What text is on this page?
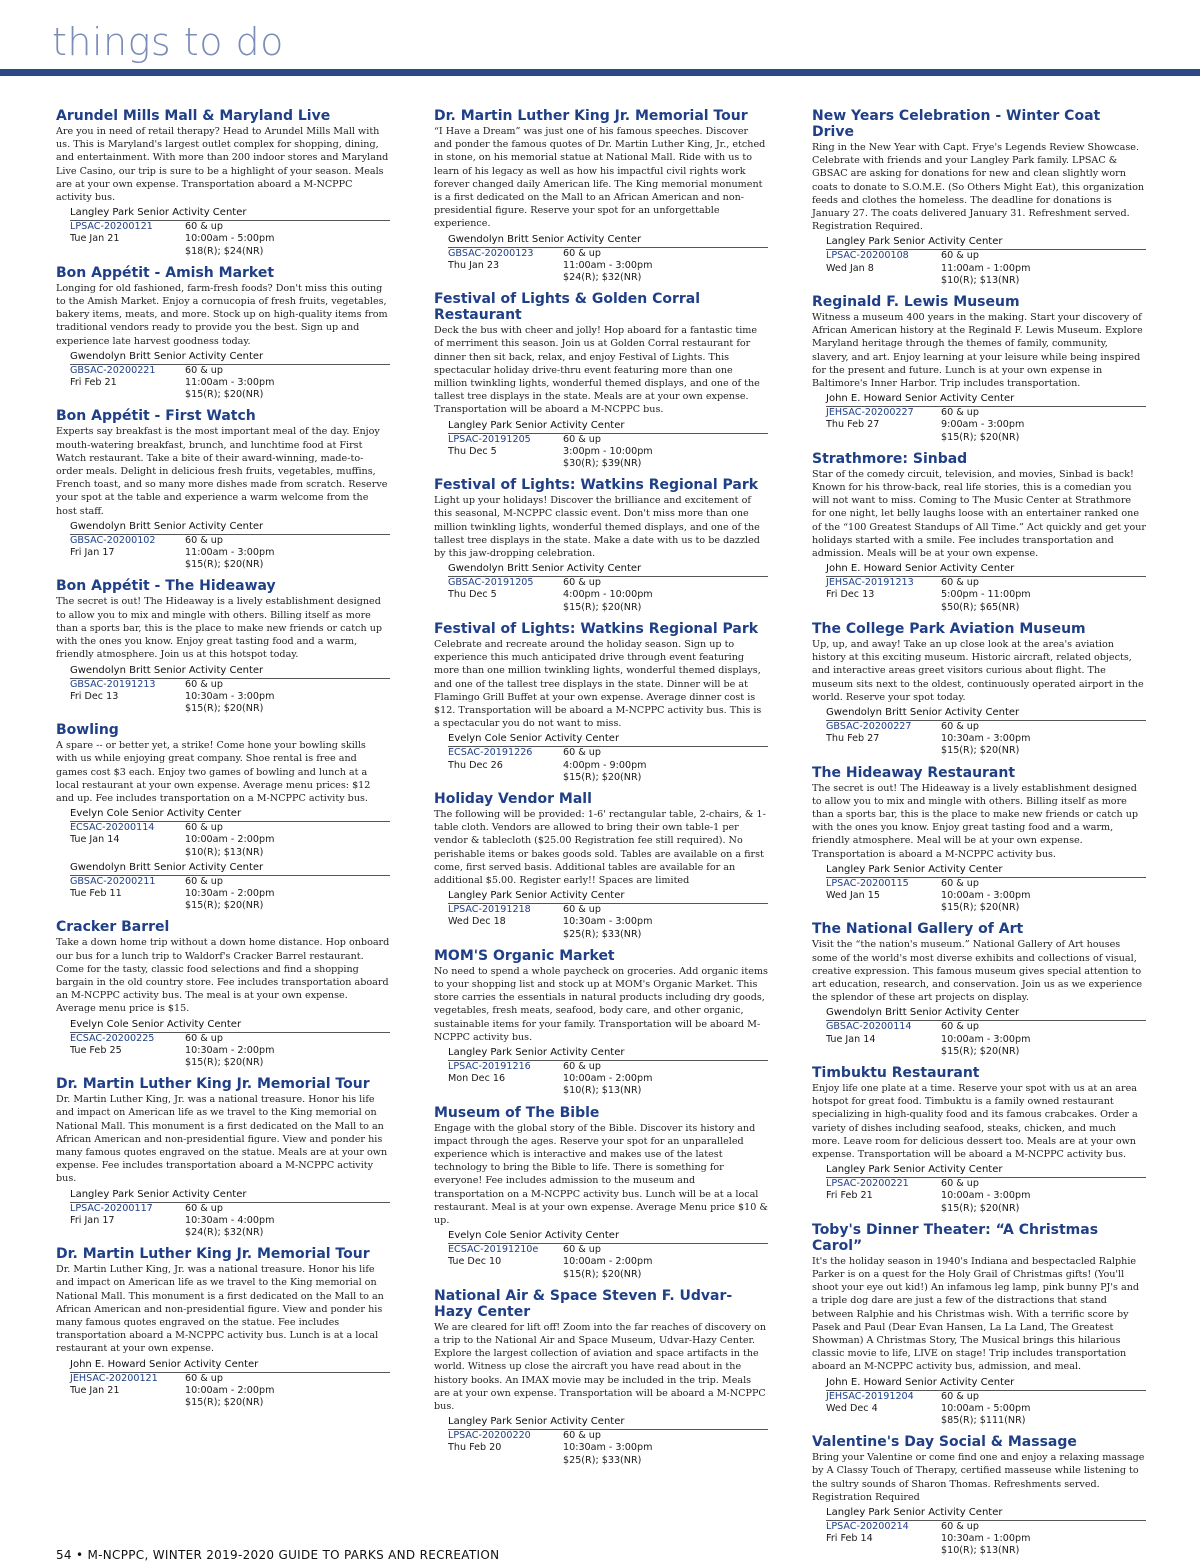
things to do
Arundel Mills Mall & Maryland Live

Are you in need of retail therapy? Head to Arundel Mills Mall with us. This is Maryland's largest outlet complex for shopping, dining, and entertainment. With more than 200 indoor stores and Maryland Live Casino, our trip is sure to be a highlight of your season. Meals are at your own expense. Transportation aboard a M-NCPPC activity bus.

Langley Park Senior Activity Center
LPSAC-20200121	60 & up
Tue Jan 21	10:00am - 5:00pm
$18(R); $24(NR)
Bon Appétit - Amish Market

Longing for old fashioned, farm-fresh foods? Don't miss this outing to the Amish Market. Enjoy a cornucopia of fresh fruits, vegetables, bakery items, meats, and more. Stock up on high-quality items from traditional vendors ready to provide you the best. Sign up and experience late harvest goodness today.

Gwendolyn Britt Senior Activity Center
GBSAC-20200221	60 & up
Fri Feb 21	11:00am - 3:00pm
$15(R); $20(NR)
Bon Appétit - First Watch

Experts say breakfast is the most important meal of the day. Enjoy mouth-watering breakfast, brunch, and lunchtime food at First Watch restaurant. Take a bite of their award-winning, made-to-order meals. Delight in delicious fresh fruits, vegetables, muffins, French toast, and so many more dishes made from scratch. Reserve your spot at the table and experience a warm welcome from the host staff.

Gwendolyn Britt Senior Activity Center
GBSAC-20200102	60 & up
Fri Jan 17	11:00am - 3:00pm
$15(R); $20(NR)
Bon Appétit - The Hideaway

The secret is out! The Hideaway is a lively establishment designed to allow you to mix and mingle with others. Billing itself as more than a sports bar, this is the place to make new friends or catch up with the ones you know. Enjoy great tasting food and a warm, friendly atmosphere. Join us at this hotspot today.

Gwendolyn Britt Senior Activity Center
GBSAC-20191213	60 & up
Fri Dec 13	10:30am - 3:00pm
$15(R); $20(NR)
Bowling

A spare -- or better yet, a strike! Come hone your bowling skills with us while enjoying great company. Shoe rental is free and games cost $3 each. Enjoy two games of bowling and lunch at a local restaurant at your own expense. Average menu prices: $12 and up. Fee includes transportation on a M-NCPPC activity bus.

Evelyn Cole Senior Activity Center
ECSAC-20200114	60 & up
Tue Jan 14	10:00am - 2:00pm
$10(R); $13(NR)
Gwendolyn Britt Senior Activity Center
GBSAC-20200211	60 & up
Tue Feb 11	10:30am - 2:00pm
$15(R); $20(NR)
Cracker Barrel

Take a down home trip without a down home distance. Hop onboard our bus for a lunch trip to Waldorf's Cracker Barrel restaurant. Come for the tasty, classic food selections and find a shopping bargain in the old country store. Fee includes transportation aboard an M-NCPPC activity bus. The meal is at your own expense. Average menu price is $15.

Evelyn Cole Senior Activity Center
ECSAC-20200225	60 & up
Tue Feb 25	10:30am - 2:00pm
$15(R); $20(NR)
Dr. Martin Luther King Jr. Memorial Tour

Dr. Martin Luther King, Jr. was a national treasure. Honor his life and impact on American life as we travel to the King memorial on National Mall. This monument is a first dedicated on the Mall to an African American and non-presidential figure. View and ponder his many famous quotes engraved on the statue. Meals are at your own expense. Fee includes transportation aboard a M-NCPPC activity bus.

Langley Park Senior Activity Center
LPSAC-20200117	60 & up
Fri Jan 17	10:30am - 4:00pm
$24(R); $32(NR)
Dr. Martin Luther King Jr. Memorial Tour

Dr. Martin Luther King, Jr. was a national treasure. Honor his life and impact on American life as we travel to the King memorial on National Mall. This monument is a first dedicated on the Mall to an African American and non-presidential figure. View and ponder his many famous quotes engraved on the statue. Fee includes transportation aboard a M-NCPPC activity bus. Lunch is at a local restaurant at your own expense.

John E. Howard Senior Activity Center
JEHSAC-20200121	60 & up
Tue Jan 21	10:00am - 2:00pm
$15(R); $20(NR)
Dr. Martin Luther King Jr. Memorial Tour

“I Have a Dream” was just one of his famous speeches. Discover and ponder the famous quotes of Dr. Martin Luther King, Jr., etched in stone, on his memorial statue at National Mall. Ride with us to learn of his legacy as well as how his impactful civil rights work forever changed daily American life. The King memorial monument is a first dedicated on the Mall to an African American and non-presidential figure. Reserve your spot for an unforgettable experience.

Gwendolyn Britt Senior Activity Center
GBSAC-20200123	60 & up
Thu Jan 23	11:00am - 3:00pm
$24(R); $32(NR)
Festival of Lights & Golden Corral Restaurant

Deck the bus with cheer and jolly! Hop aboard for a fantastic time of merriment this season. Join us at Golden Corral restaurant for dinner then sit back, relax, and enjoy Festival of Lights. This spectacular holiday drive-thru event featuring more than one million twinkling lights, wonderful themed displays, and one of the tallest tree displays in the state. Meals are at your own expense. Transportation will be aboard a M-NCPPC bus.

Langley Park Senior Activity Center
LPSAC-20191205	60 & up
Thu Dec 5	3:00pm - 10:00pm
$30(R); $39(NR)
Festival of Lights: Watkins Regional Park

Light up your holidays! Discover the brilliance and excitement of this seasonal, M-NCPPC classic event. Don't miss more than one million twinkling lights, wonderful themed displays, and one of the tallest tree displays in the state. Make a date with us to be dazzled by this jaw-dropping celebration.

Gwendolyn Britt Senior Activity Center
GBSAC-20191205	60 & up
Thu Dec 5	4:00pm - 10:00pm
$15(R); $20(NR)
Festival of Lights: Watkins Regional Park

Celebrate and recreate around the holiday season. Sign up to experience this much anticipated drive through event featuring more than one million twinkling lights, wonderful themed displays, and one of the tallest tree displays in the state. Dinner will be at Flamingo Grill Buffet at your own expense. Average dinner cost is $12. Transportation will be aboard a M-NCPPC activity bus. This is a spectacular you do not want to miss.

Evelyn Cole Senior Activity Center
ECSAC-20191226	60 & up
Thu Dec 26	4:00pm - 9:00pm
$15(R); $20(NR)
Holiday Vendor Mall

The following will be provided: 1-6' rectangular table, 2-chairs, & 1-table cloth. Vendors are allowed to bring their own table-1 per vendor & tablecloth ($25.00 Registration fee still required). No perishable items or bakes goods sold. Tables are available on a first come, first served basis. Additional tables are available for an additional $5.00. Register early!! Spaces are limited

Langley Park Senior Activity Center
LPSAC-20191218	60 & up
Wed Dec 18	10:30am - 3:00pm
$25(R); $33(NR)
MOM'S Organic Market

No need to spend a whole paycheck on groceries. Add organic items to your shopping list and stock up at MOM's Organic Market. This store carries the essentials in natural products including dry goods, vegetables, fresh meats, seafood, body care, and other organic, sustainable items for your family. Transportation will be aboard M-NCPPC activity bus.

Langley Park Senior Activity Center
LPSAC-20191216	60 & up
Mon Dec 16	10:00am - 2:00pm
$10(R); $13(NR)
Museum of The Bible

Engage with the global story of the Bible. Discover its history and impact through the ages. Reserve your spot for an unparalleled experience which is interactive and makes use of the latest technology to bring the Bible to life. There is something for everyone! Fee includes admission to the museum and transportation on a M-NCPPC activity bus. Lunch will be at a local restaurant. Meal is at your own expense. Average Menu price $10 & up.

Evelyn Cole Senior Activity Center
ECSAC-20191210e	60 & up
Tue Dec 10	10:00am - 2:00pm
$15(R); $20(NR)
National Air & Space Steven F. Udvar-Hazy Center

We are cleared for lift off! Zoom into the far reaches of discovery on a trip to the National Air and Space Museum, Udvar-Hazy Center. Explore the largest collection of aviation and space artifacts in the world. Witness up close the aircraft you have read about in the history books. An IMAX movie may be included in the trip. Meals are at your own expense. Transportation will be aboard a M-NCPPC bus.

Langley Park Senior Activity Center
LPSAC-20200220	60 & up
Thu Feb 20	10:30am - 3:00pm
$25(R); $33(NR)
New Years Celebration - Winter Coat Drive

Ring in the New Year with Capt. Frye's Legends Review Showcase. Celebrate with friends and your Langley Park family. LPSAC & GBSAC are asking for donations for new and clean slightly worn coats to donate to S.O.M.E. (So Others Might Eat), this organization feeds and clothes the homeless. The deadline for donations is January 27. The coats delivered January 31. Refreshment served. Registration Required.

Langley Park Senior Activity Center
LPSAC-20200108	60 & up
Wed Jan 8	11:00am - 1:00pm
$10(R); $13(NR)
Reginald F. Lewis Museum

Witness a museum 400 years in the making. Start your discovery of African American history at the Reginald F. Lewis Museum. Explore Maryland heritage through the themes of family, community, slavery, and art. Enjoy learning at your leisure while being inspired for the present and future. Lunch is at your own expense in Baltimore's Inner Harbor. Trip includes transportation.

John E. Howard Senior Activity Center
JEHSAC-20200227	60 & up
Thu Feb 27	9:00am - 3:00pm
$15(R); $20(NR)
Strathmore: Sinbad

Star of the comedy circuit, television, and movies, Sinbad is back! Known for his throw-back, real life stories, this is a comedian you will not want to miss. Coming to The Music Center at Strathmore for one night, let belly laughs loose with an entertainer ranked one of the “100 Greatest Standups of All Time.” Act quickly and get your holidays started with a smile. Fee includes transportation and admission. Meals will be at your own expense.

John E. Howard Senior Activity Center
JEHSAC-20191213	60 & up
Fri Dec 13	5:00pm - 11:00pm
$50(R); $65(NR)
The College Park Aviation Museum

Up, up, and away! Take an up close look at the area's aviation history at this exciting museum. Historic aircraft, related objects, and interactive areas greet visitors curious about flight. The museum sits next to the oldest, continuously operated airport in the world. Reserve your spot today.

Gwendolyn Britt Senior Activity Center
GBSAC-20200227	60 & up
Thu Feb 27	10:30am - 3:00pm
$15(R); $20(NR)
The Hideaway Restaurant

The secret is out! The Hideaway is a lively establishment designed to allow you to mix and mingle with others. Billing itself as more than a sports bar, this is the place to make new friends or catch up with the ones you know. Enjoy great tasting food and a warm, friendly atmosphere. Meal will be at your own expense. Transportation is aboard a M-NCPPC activity bus.

Langley Park Senior Activity Center
LPSAC-20200115	60 & up
Wed Jan 15	10:00am - 3:00pm
$15(R); $20(NR)
The National Gallery of Art

Visit the “the nation's museum.” National Gallery of Art houses some of the world's most diverse exhibits and collections of visual, creative expression. This famous museum gives special attention to art education, research, and conservation. Join us as we experience the splendor of these art projects on display.

Gwendolyn Britt Senior Activity Center
GBSAC-20200114	60 & up
Tue Jan 14	10:00am - 3:00pm
$15(R); $20(NR)
Timbuktu Restaurant

Enjoy life one plate at a time. Reserve your spot with us at an area hotspot for great food. Timbuktu is a family owned restaurant specializing in high-quality food and its famous crabcakes. Order a variety of dishes including seafood, steaks, chicken, and much more. Leave room for delicious dessert too. Meals are at your own expense. Transportation will be aboard a M-NCPPC activity bus.

Langley Park Senior Activity Center
LPSAC-20200221	60 & up
Fri Feb 21	10:00am - 3:00pm
$15(R); $20(NR)
Toby's Dinner Theater: “A Christmas Carol”

It's the holiday season in 1940's Indiana and bespectacled Ralphie Parker is on a quest for the Holy Grail of Christmas gifts! (You'll shoot your eye out kid!) An infamous leg lamp, pink bunny PJ's and a triple dog dare are just a few of the distractions that stand between Ralphie and his Christmas wish. With a terrific score by Pasek and Paul (Dear Evan Hansen, La La Land, The Greatest Showman) A Christmas Story, The Musical brings this hilarious classic movie to life, LIVE on stage! Trip includes transportation aboard an M-NCPPC activity bus, admission, and meal.

John E. Howard Senior Activity Center
JEHSAC-20191204	60 & up
Wed Dec 4	10:00am - 5:00pm
$85(R); $111(NR)
Valentine's Day Social & Massage

Bring your Valentine or come find one and enjoy a relaxing massage by A Classy Touch of Therapy, certified masseuse while listening to the sultry sounds of Sharon Thomas. Refreshments served. Registration Required

Langley Park Senior Activity Center
LPSAC-20200214	60 & up
Fri Feb 14	10:30am - 1:00pm
$10(R); $13(NR)
54 • M-NCPPC, WINTER 2019-2020 GUIDE TO PARKS AND RECREATION
